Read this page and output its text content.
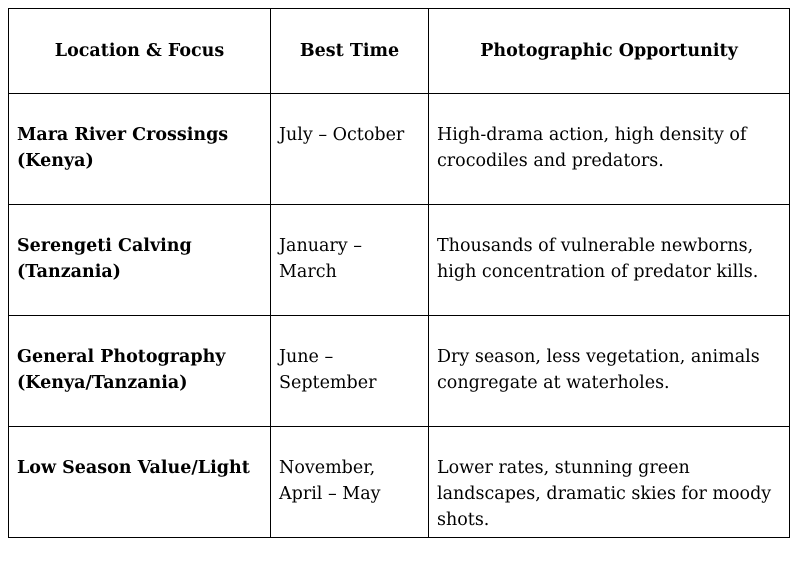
Location & Focus	Best Time	Photographic Opportunity

Mara River Crossings (Kenya)	July – October	High-drama action, high density of crocodiles and predators.

Serengeti Calving (Tanzania)	January – March	Thousands of vulnerable newborns, high concentration of predator kills.

General Photography (Kenya/Tanzania)	June – September	Dry season, less vegetation, animals congregate at waterholes.

Low Season Value/Light	November, April – May	Lower rates, stunning green landscapes, dramatic skies for moody shots.
